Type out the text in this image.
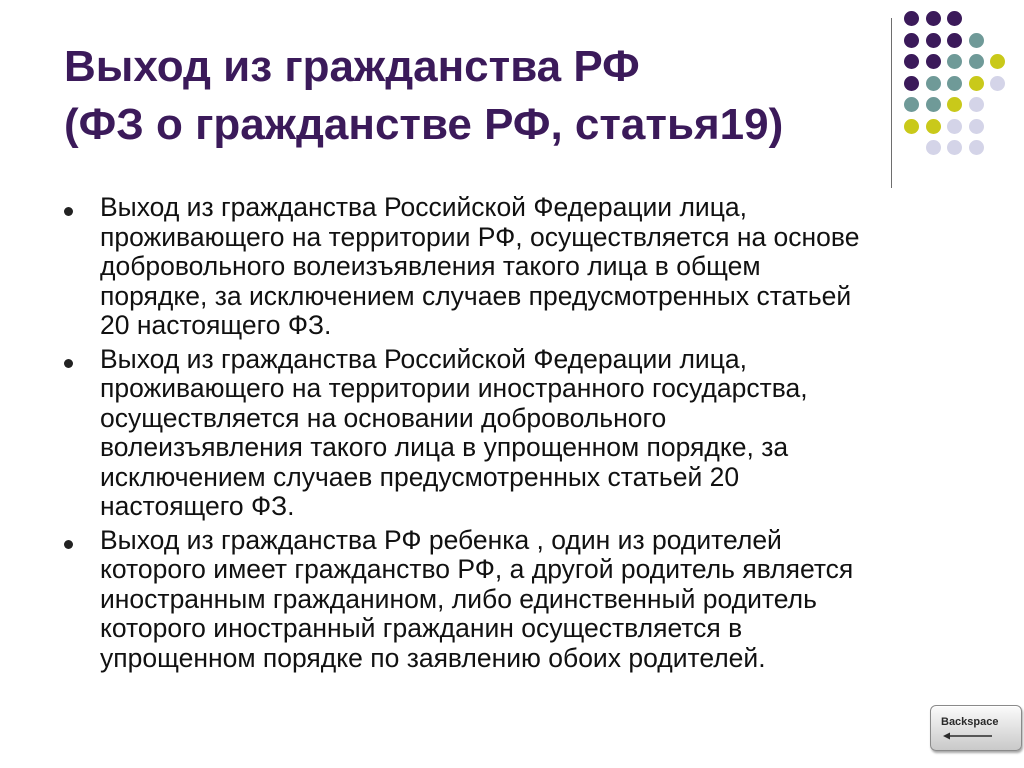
Выход из гражданства РФ
(ФЗ о гражданстве РФ, статья19)
Выход из гражданства Российской Федерации лица,
проживающего на территории РФ, осуществляется на основе
добровольного волеизъявления такого лица в общем
порядке, за исключением случаев предусмотренных статьей
20 настоящего ФЗ.
Выход из гражданства Российской Федерации лица,
проживающего на территории иностранного государства,
осуществляется на основании добровольного
волеизъявления такого лица в упрощенном порядке, за
исключением случаев предусмотренных статьей 20
настоящего ФЗ.
Выход из гражданства РФ ребенка , один из родителей
которого имеет гражданство РФ, а другой родитель является
иностранным гражданином, либо единственный родитель
которого иностранный гражданин осуществляется в
упрощенном порядке по заявлению обоих родителей.
Backspace
